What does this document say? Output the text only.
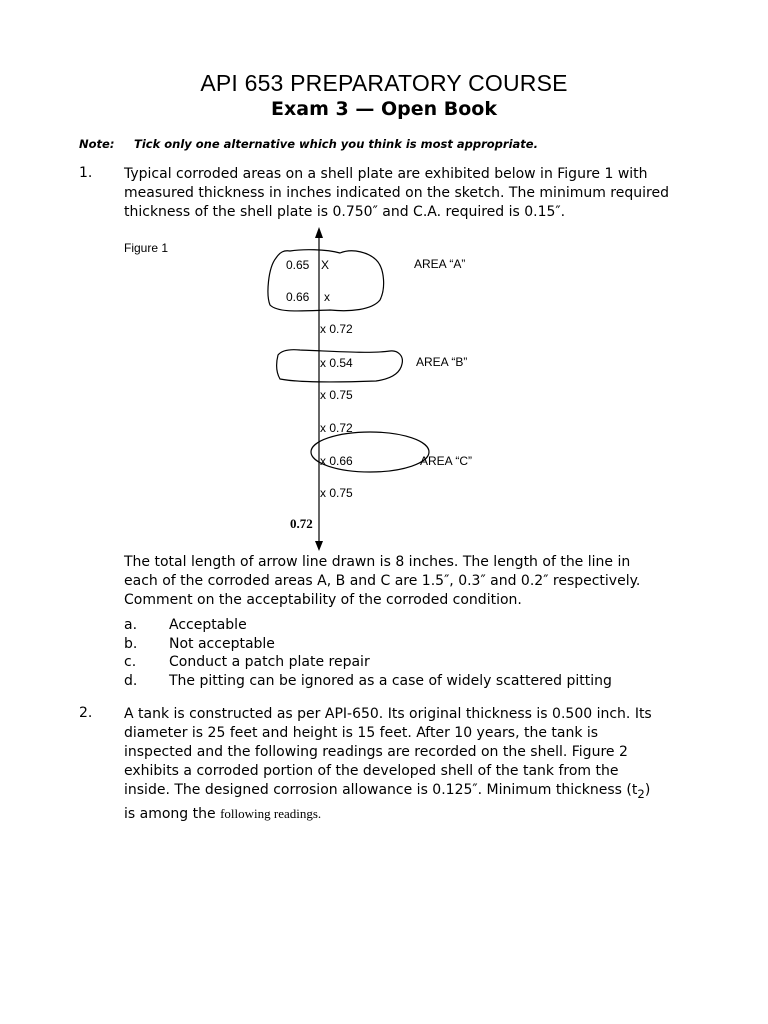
API 653 PREPARATORY COURSE
Exam 3 — Open Book
Note: Tick only one alternative which you think is most appropriate.
1. Typical corroded areas on a shell plate are exhibited below in Figure 1 with measured thickness in inches indicated on the sketch. The minimum required thickness of the shell plate is 0.750″ and C.A. required is 0.15″.

Figure 1
0.65 X
0.66 x
x 0.72
x 0.54
x 0.75
x 0.72
x 0.66
x 0.75
0.72
AREA “A”
AREA “B”
AREA “C”

The total length of arrow line drawn is 8 inches. The length of the line in each of the corroded areas A, B and C are 1.5″, 0.3″ and 0.2″ respectively. Comment on the acceptability of the corroded condition.

a. Acceptable
b. Not acceptable
c. Conduct a patch plate repair
d. The pitting can be ignored as a case of widely scattered pitting
2. A tank is constructed as per API-650. Its original thickness is 0.500 inch. Its diameter is 25 feet and height is 15 feet. After 10 years, the tank is inspected and the following readings are recorded on the shell. Figure 2 exhibits a corroded portion of the developed shell of the tank from the inside. The designed corrosion allowance is 0.125″. Minimum thickness $(t_2)$ is among the following readings.
